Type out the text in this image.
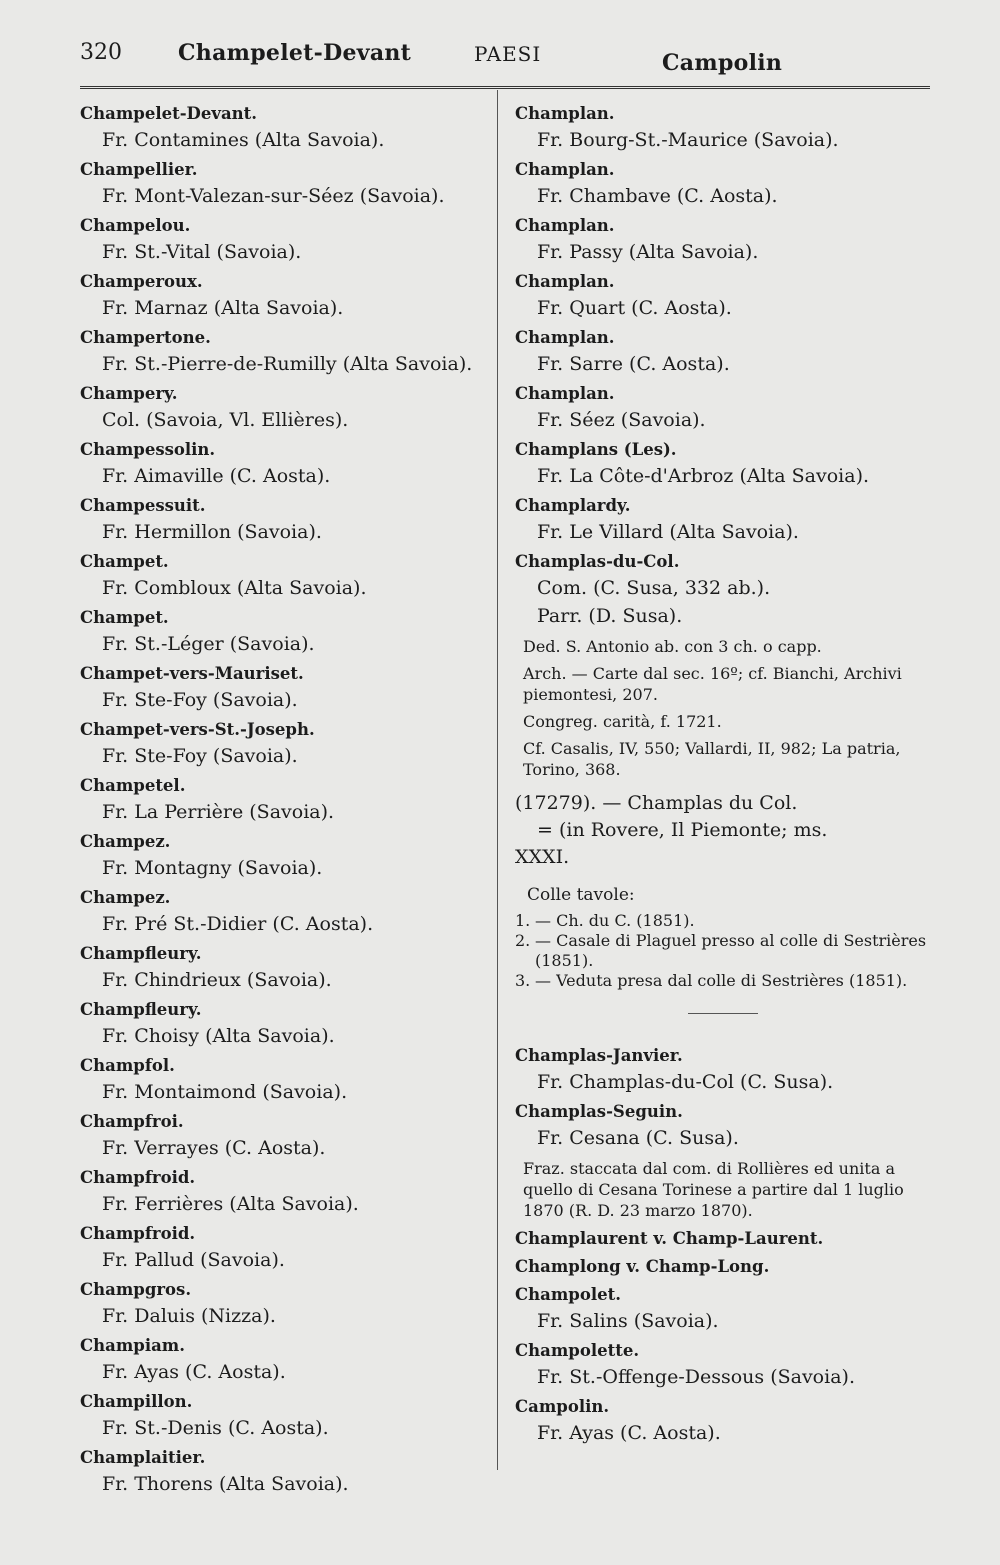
320	Champelet-Devant	PAESI	Campolin
Champelet-Devant.
Fr. Contamines (Alta Savoia).
Champellier.
Fr. Mont-Valezan-sur-Séez (Savoia).
Champelou.
Fr. St.-Vital (Savoia).
Champeroux.
Fr. Marnaz (Alta Savoia).
Champertone.
Fr. St.-Pierre-de-Rumilly (Alta Savoia).
Champery.
Col. (Savoia, Vl. Ellières).
Champessolin.
Fr. Aimaville (C. Aosta).
Champessuit.
Fr. Hermillon (Savoia).
Champet.
Fr. Combloux (Alta Savoia).
Champet.
Fr. St.-Léger (Savoia).
Champet-vers-Mauriset.
Fr. Ste-Foy (Savoia).
Champet-vers-St.-Joseph.
Fr. Ste-Foy (Savoia).
Champetel.
Fr. La Perrière (Savoia).
Champez.
Fr. Montagny (Savoia).
Champez.
Fr. Pré St.-Didier (C. Aosta).
Champfleury.
Fr. Chindrieux (Savoia).
Champfleury.
Fr. Choisy (Alta Savoia).
Champfol.
Fr. Montaimond (Savoia).
Champfroi.
Fr. Verrayes (C. Aosta).
Champfroid.
Fr. Ferrières (Alta Savoia).
Champfroid.
Fr. Pallud (Savoia).
Champgros.
Fr. Daluis (Nizza).
Champiam.
Fr. Ayas (C. Aosta).
Champillon.
Fr. St.-Denis (C. Aosta).
Champlaitier.
Fr. Thorens (Alta Savoia).
Champlan.
Fr. Bourg-St.-Maurice (Savoia).
Champlan.
Fr. Chambave (C. Aosta).
Champlan.
Fr. Passy (Alta Savoia).
Champlan.
Fr. Quart (C. Aosta).
Champlan.
Fr. Sarre (C. Aosta).
Champlan.
Fr. Séez (Savoia).
Champlans (Les).
Fr. La Côte-d'Arbroz (Alta Savoia).
Champlardy.
Fr. Le Villard (Alta Savoia).
Champlas-du-Col.
Com. (C. Susa, 332 ab.).
Parr. (D. Susa).
Ded. S. Antonio ab. con 3 ch. o capp.
Arch. — Carte dal sec. 16º; cf. Bianchi, Archivi piemontesi, 207.
Congreg. carità, f. 1721.
Cf. Casalis, IV, 550; Vallardi, II, 982; La patria, Torino, 368.
(17279). — Champlas du Col.
= (in Rovere, Il Piemonte; ms.
XXXI.
Colle tavole:
1. — Ch. du C. (1851).
2. — Casale di Plaguel presso al colle di Sestrières (1851).
3. — Veduta presa dal colle di Sestrières (1851).
Champlas-Janvier.
Fr. Champlas-du-Col (C. Susa).
Champlas-Seguin.
Fr. Cesana (C. Susa).
Fraz. staccata dal com. di Rollières ed unita a quello di Cesana Torinese a partire dal 1 luglio 1870 (R. D. 23 marzo 1870).
Champlaurent v. Champ-Laurent.
Champlong v. Champ-Long.
Champolet.
Fr. Salins (Savoia).
Champolette.
Fr. St.-Offenge-Dessous (Savoia).
Campolin.
Fr. Ayas (C. Aosta).
